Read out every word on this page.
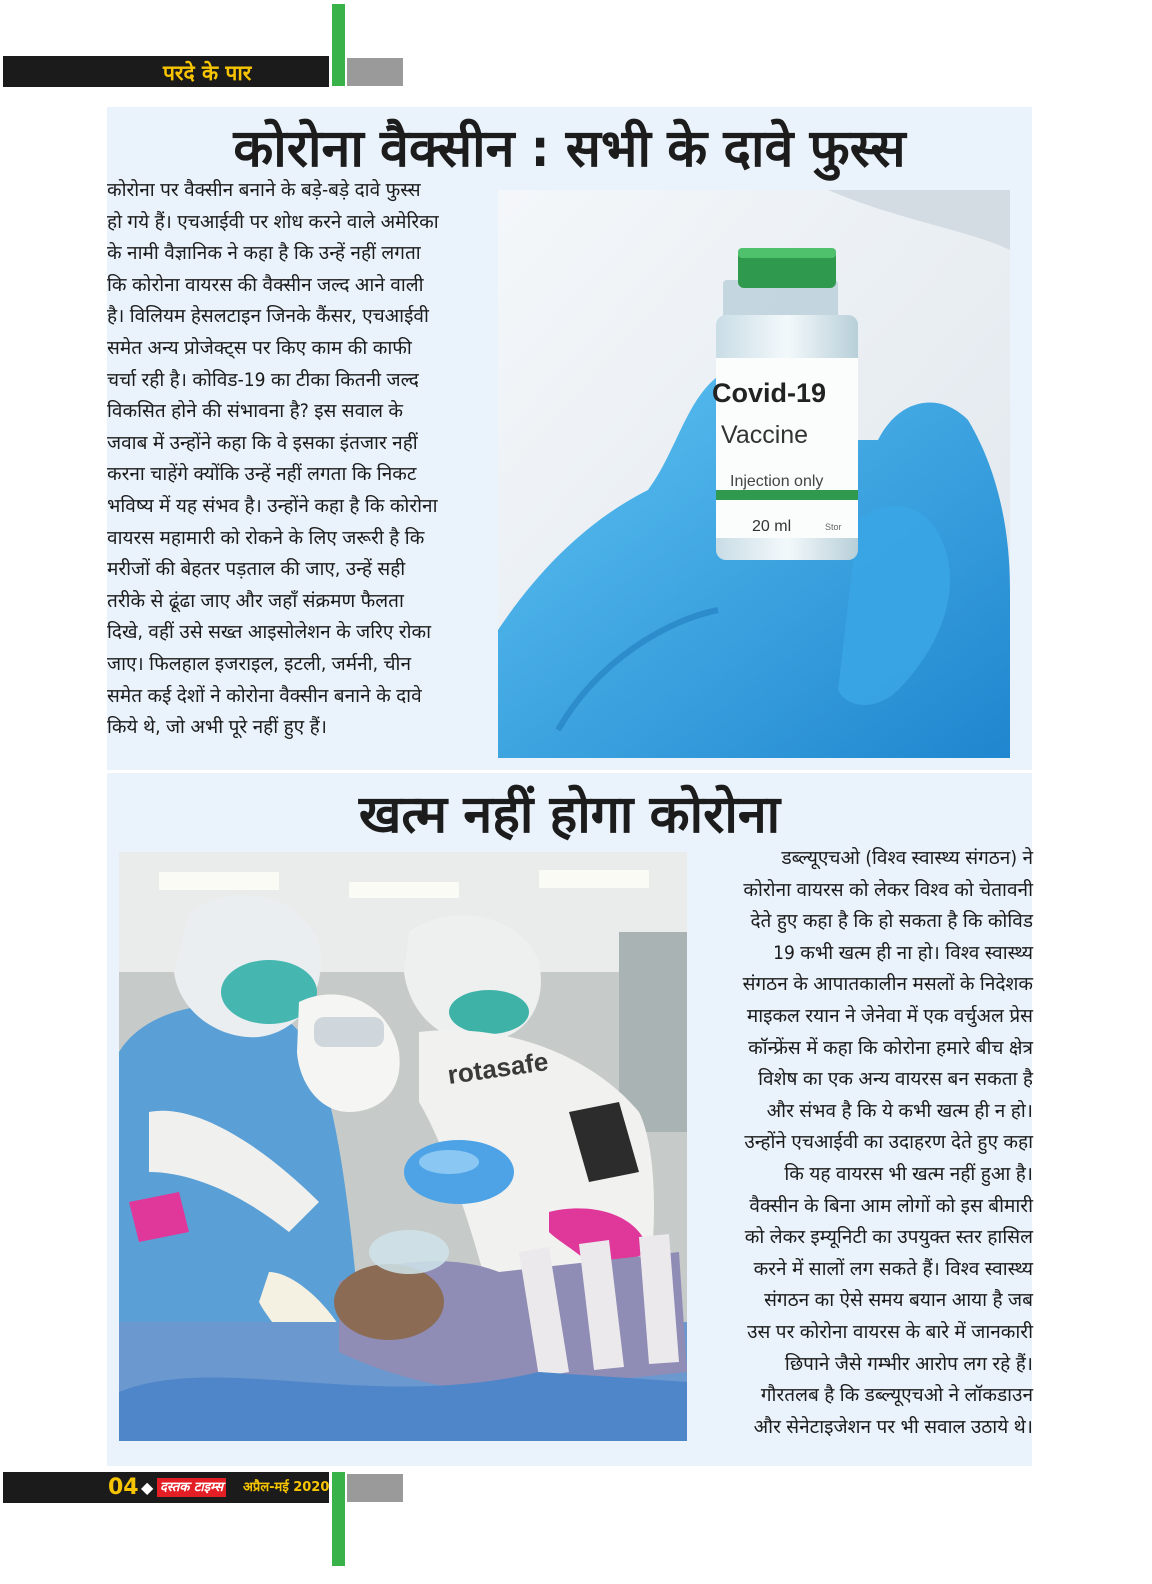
परदे के पार
कोरोना वैक्सीन : सभी के दावे फुस्स
कोरोना पर वैक्सीन बनाने के बड़े-बड़े दावे फुस्स
हो गये हैं। एचआईवी पर शोध करने वाले अमेरिका
के नामी वैज्ञानिक ने कहा है कि उन्हें नहीं लगता
कि कोरोना वायरस की वैक्सीन जल्द आने वाली
है। विलियम हेसलटाइन जिनके कैंसर, एचआईवी
समेत अन्य प्रोजेक्ट्स पर किए काम की काफी
चर्चा रही है। कोविड-19 का टीका कितनी जल्द
विकसित होने की संभावना है? इस सवाल के
जवाब में उन्होंने कहा कि वे इसका इंतजार नहीं
करना चाहेंगे क्योंकि उन्हें नहीं लगता कि निकट
भविष्य में यह संभव है। उन्होंने कहा है कि कोरोना
वायरस महामारी को रोकने के लिए जरूरी है कि
मरीजों की बेहतर पड़ताल की जाए, उन्हें सही
तरीके से ढूंढा जाए और जहाँ संक्रमण फैलता
दिखे, वहीं उसे सख्त आइसोलेशन के जरिए रोका
जाए। फिलहाल इजराइल, इटली, जर्मनी, चीन
समेत कई देशों ने कोरोना वैक्सीन बनाने के दावे
किये थे, जो अभी पूरे नहीं हुए हैं।
Covid-19
Vaccine
Injection only
20 ml	Stor
खत्म नहीं होगा कोरोना
डब्ल्यूएचओ (विश्व स्वास्थ्य संगठन) ने
कोरोना वायरस को लेकर विश्व को चेतावनी
देते हुए कहा है कि हो सकता है कि कोविड
19 कभी खत्म ही ना हो। विश्व स्वास्थ्य
संगठन के आपातकालीन मसलों के निदेशक
माइकल रयान ने जेनेवा में एक वर्चुअल प्रेस
कॉन्फ्रेंस में कहा कि कोरोना हमारे बीच क्षेत्र
विशेष का एक अन्य वायरस बन सकता है
और संभव है कि ये कभी खत्म ही न हो।
उन्होंने एचआईवी का उदाहरण देते हुए कहा
कि यह वायरस भी खत्म नहीं हुआ है।
वैक्सीन के बिना आम लोगों को इस बीमारी
को लेकर इम्यूनिटी का उपयुक्त स्तर हासिल
करने में सालों लग सकते हैं। विश्व स्वास्थ्य
संगठन का ऐसे समय बयान आया है जब
उस पर कोरोना वायरस के बारे में जानकारी
छिपाने जैसे गम्भीर आरोप लग रहे हैं।
गौरतलब है कि डब्ल्यूएचओ ने लॉकडाउन
और सेनेटाइजेशन पर भी सवाल उठाये थे।
rotasafe
04 ◆ दस्तक टाइम्स अप्रैल-मई 2020
